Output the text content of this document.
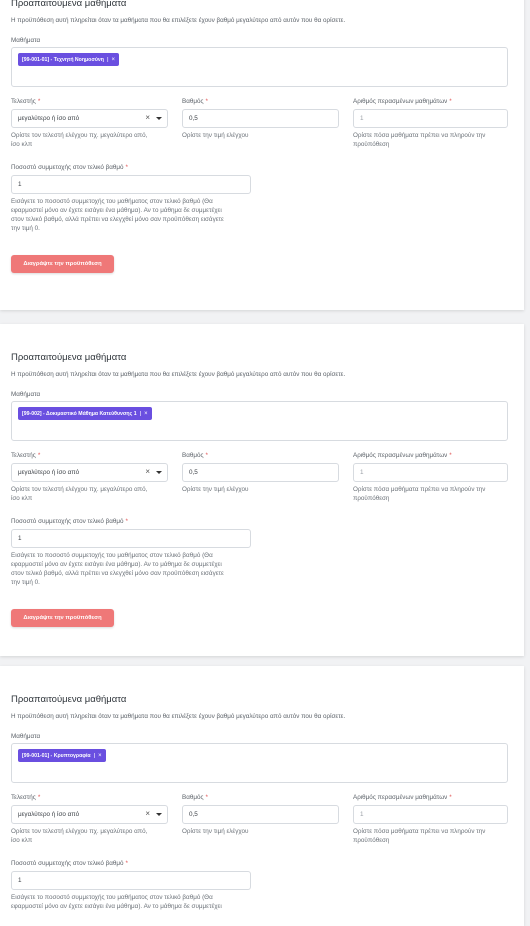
Προαπαιτούμενα μαθήματα
Η προϋπόθεση αυτή πληρείται όταν τα μαθήματα που θα επιλέξετε έχουν βαθμό μεγαλύτερο από αυτόν που θα ορίσετε.
Μαθήματα
[99-001-01] - Τεχνητή Νοημοσύνη | ×
Τελεστής *
μεγαλύτερο ή ίσο από	×
Ορίστε τον τελεστή ελέγχου πχ. μεγαλύτερο από,
ίσο κλπ
Βαθμός *
0,5
Ορίστε την τιμή ελέγχου
Αριθμός περασμένων μαθημάτων *
1
Ορίστε πόσα μαθήματα πρέπει να πληρούν την
προϋπόθεση
Ποσοστό συμμετοχής στον τελικό βαθμό *
1
Εισάγετε το ποσοστό συμμετοχής του μαθήματος στον τελικό βαθμό (Θα
εφαρμοστεί μόνο αν έχετε εισάγει ένα μάθημα). Αν το μάθημα δε συμμετέχει
στον τελικό βαθμό, αλλά πρέπει να ελεγχθεί μόνο σαν προϋπόθεση εισάγετε
την τιμή 0.
Διαγράψτε την προϋπόθεση
Προαπαιτούμενα μαθήματα
Η προϋπόθεση αυτή πληρείται όταν τα μαθήματα που θα επιλέξετε έχουν βαθμό μεγαλύτερο από αυτόν που θα ορίσετε.
Μαθήματα
[99-002] - Δοκιμαστικό Μάθημα Κατεύθυνσης 1 | ×
Τελεστής *
μεγαλύτερο ή ίσο από	×
Ορίστε τον τελεστή ελέγχου πχ. μεγαλύτερο από,
ίσο κλπ
Βαθμός *
0,5
Ορίστε την τιμή ελέγχου
Αριθμός περασμένων μαθημάτων *
1
Ορίστε πόσα μαθήματα πρέπει να πληρούν την
προϋπόθεση
Ποσοστό συμμετοχής στον τελικό βαθμό *
1
Εισάγετε το ποσοστό συμμετοχής του μαθήματος στον τελικό βαθμό (Θα
εφαρμοστεί μόνο αν έχετε εισάγει ένα μάθημα). Αν το μάθημα δε συμμετέχει
στον τελικό βαθμό, αλλά πρέπει να ελεγχθεί μόνο σαν προϋπόθεση εισάγετε
την τιμή 0.
Διαγράψτε την προϋπόθεση
Προαπαιτούμενα μαθήματα
Η προϋπόθεση αυτή πληρείται όταν τα μαθήματα που θα επιλέξετε έχουν βαθμό μεγαλύτερο από αυτόν που θα ορίσετε.
Μαθήματα
[99-001-01] - Κρυπτογραφία | ×
Τελεστής *
μεγαλύτερο ή ίσο από	×
Ορίστε τον τελεστή ελέγχου πχ. μεγαλύτερο από,
ίσο κλπ
Βαθμός *
0,5
Ορίστε την τιμή ελέγχου
Αριθμός περασμένων μαθημάτων *
1
Ορίστε πόσα μαθήματα πρέπει να πληρούν την
προϋπόθεση
Ποσοστό συμμετοχής στον τελικό βαθμό *
1
Εισάγετε το ποσοστό συμμετοχής του μαθήματος στον τελικό βαθμό (Θα
εφαρμοστεί μόνο αν έχετε εισάγει ένα μάθημα). Αν το μάθημα δε συμμετέχει
